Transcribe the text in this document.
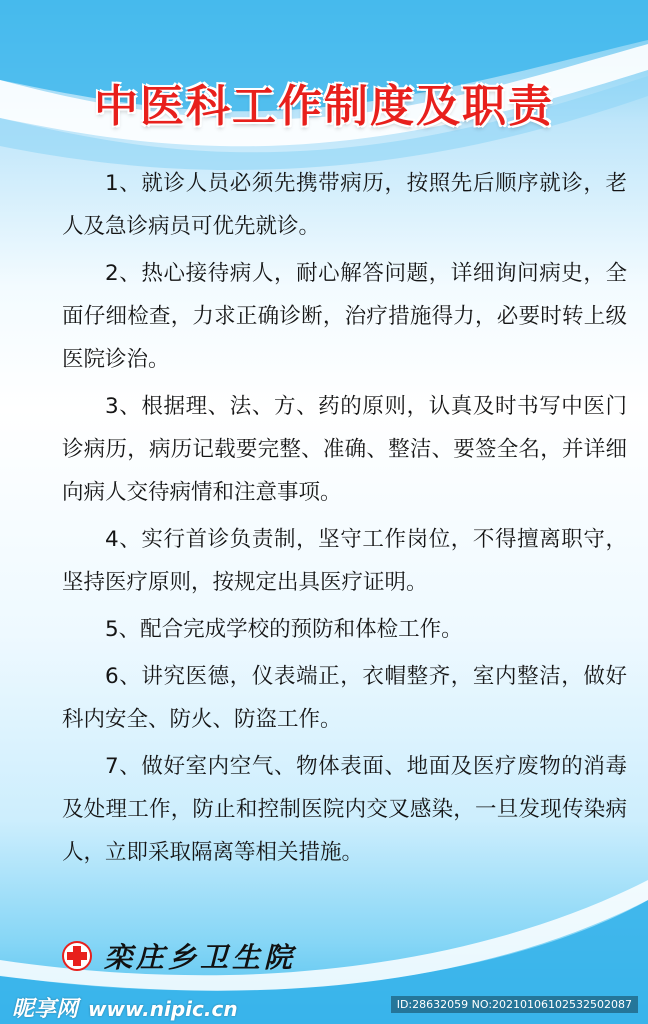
中医科工作制度及职责

1、就诊人员必须先携带病历，按照先后顺序就诊，老人及急诊病员可优先就诊。

2、热心接待病人，耐心解答问题，详细询问病史，全面仔细检查，力求正确诊断，治疗措施得力，必要时转上级医院诊治。

3、根据理、法、方、药的原则，认真及时书写中医门诊病历，病历记载要完整、准确、整洁、要签全名，并详细向病人交待病情和注意事项。

4、实行首诊负责制，坚守工作岗位，不得擅离职守，坚持医疗原则，按规定出具医疗证明。

5、配合完成学校的预防和体检工作。

6、讲究医德，仪表端正，衣帽整齐，室内整洁，做好科内安全、防火、防盗工作。

7、做好室内空气、物体表面、地面及医疗废物的消毒及处理工作，防止和控制医院内交叉感染，一旦发现传染病人，立即采取隔离等相关措施。

栾庄乡卫生院
昵享网 www.nipic.cn	ID:28632059 NO:20210106102532502087
